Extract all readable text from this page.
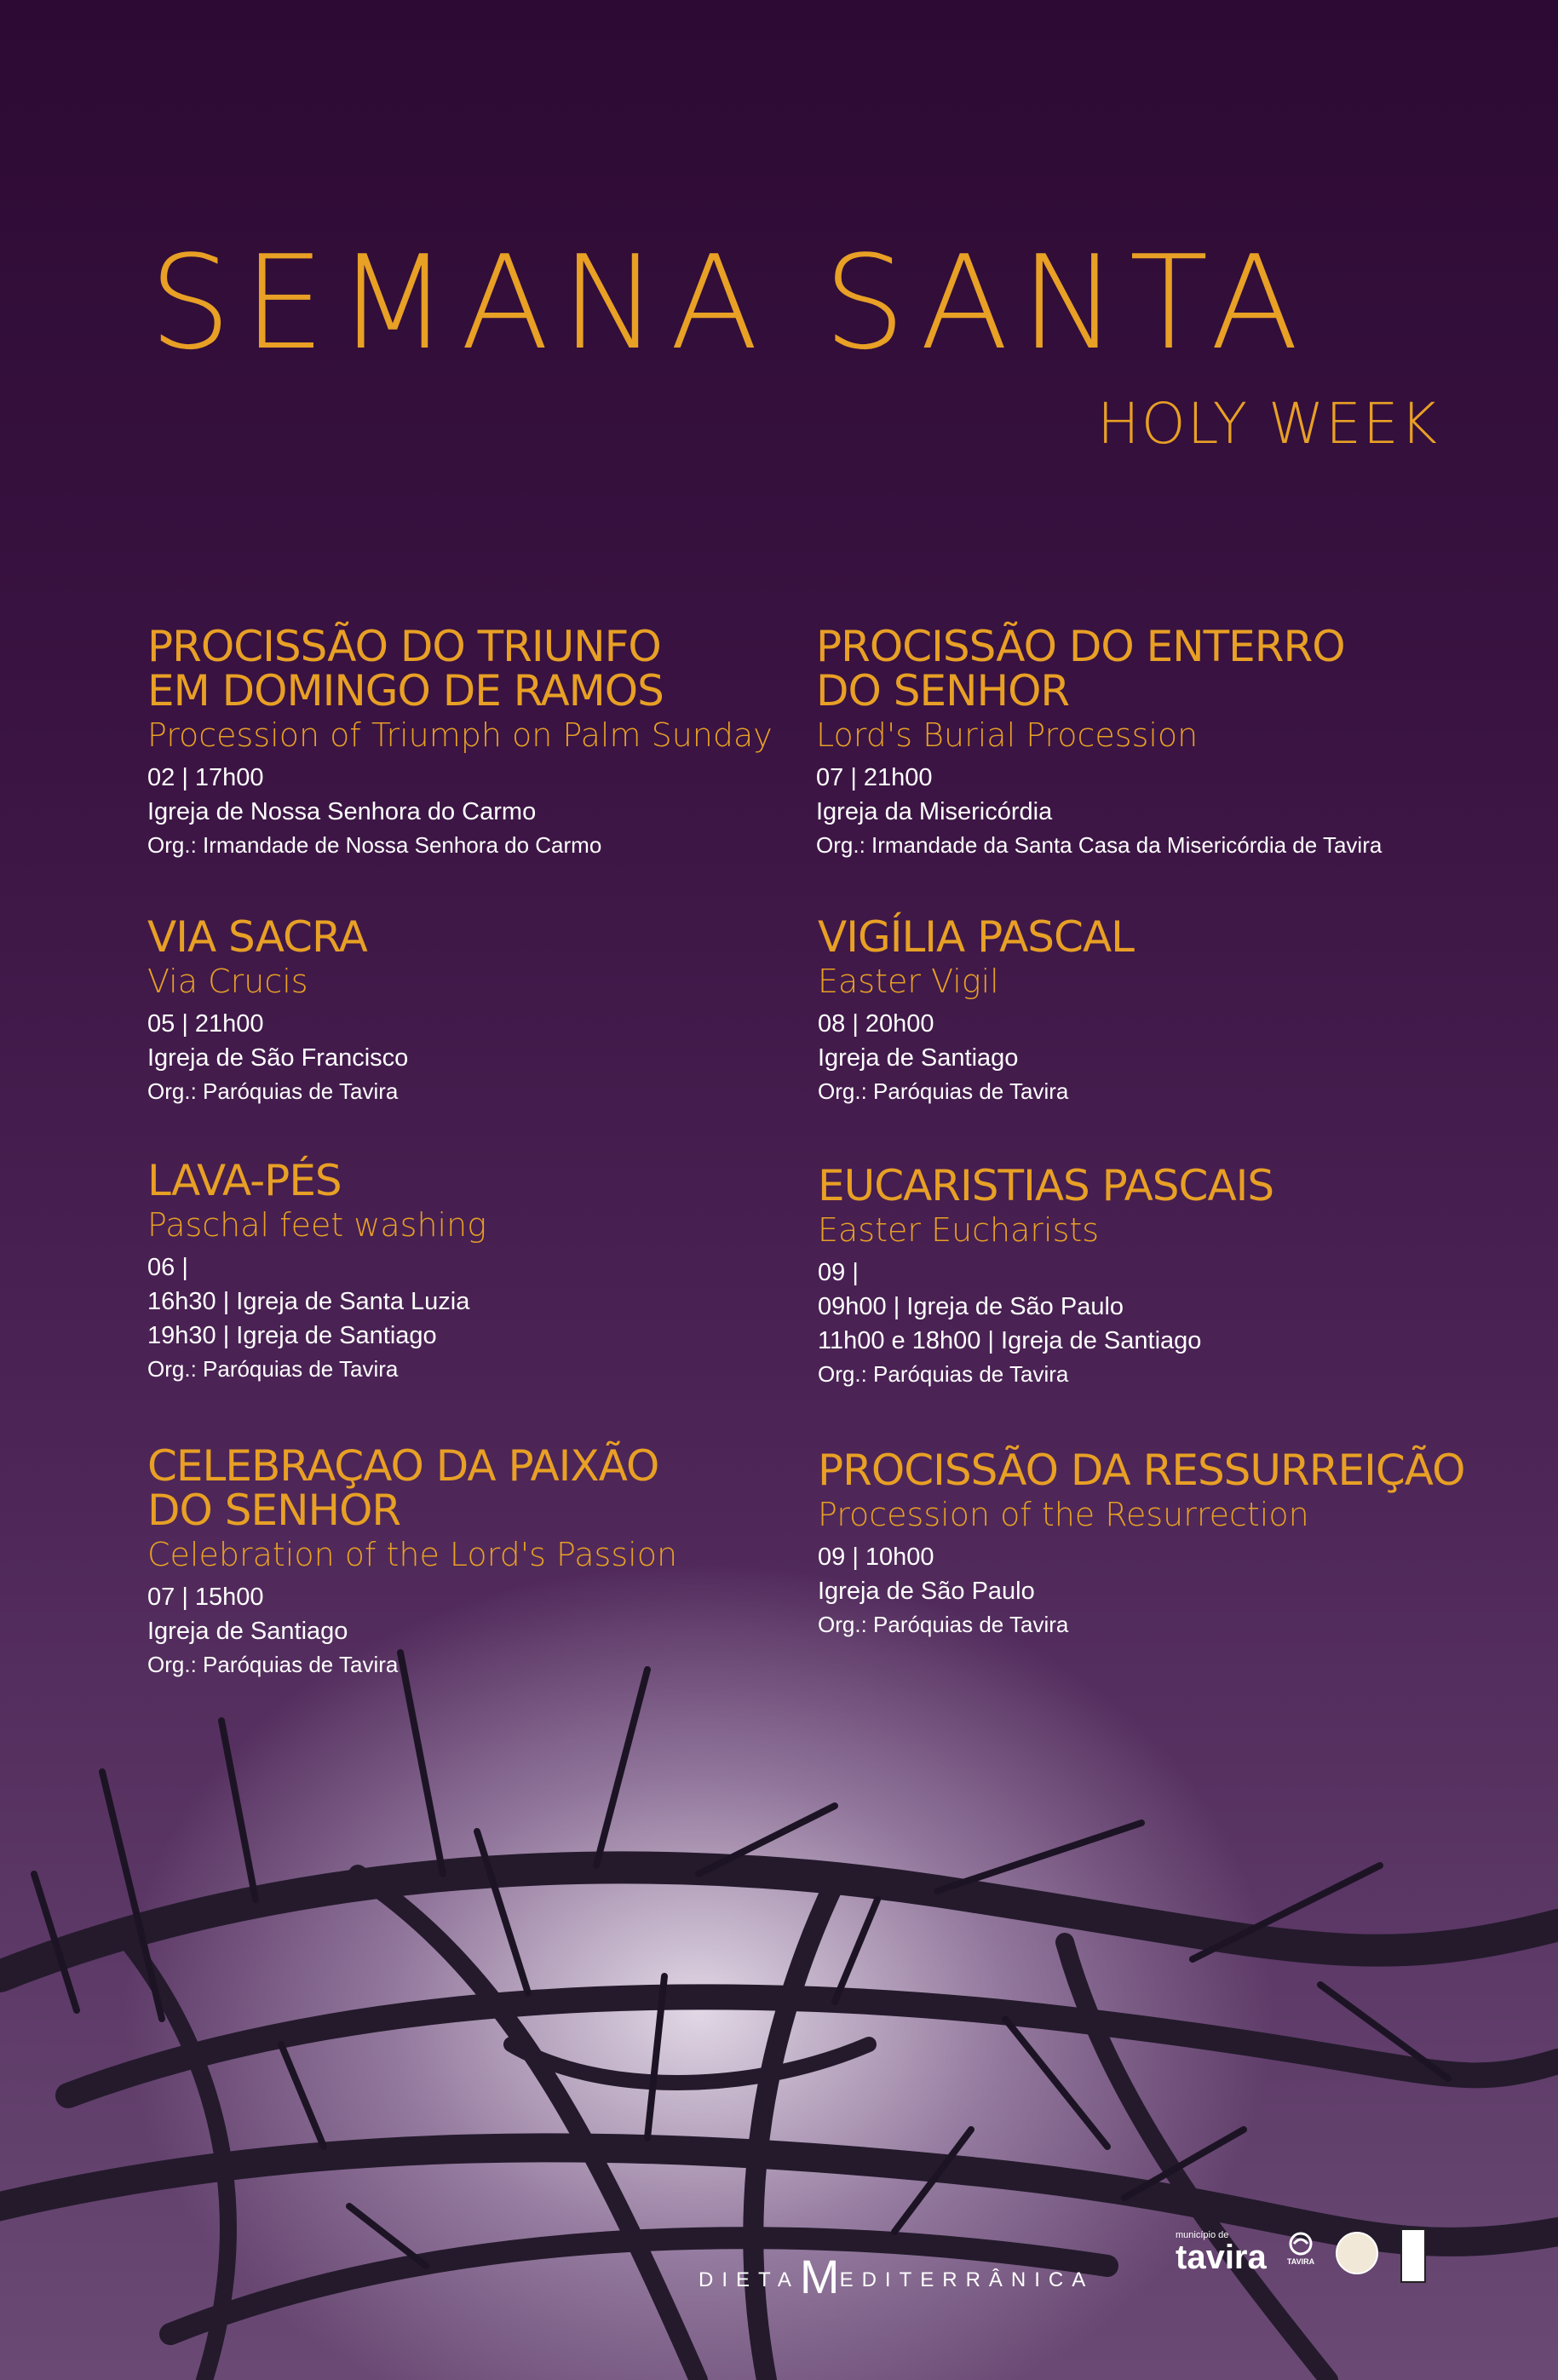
SEMANA SANTA
HOLY WEEK
PROCISSÃO DO TRIUNFO
EM DOMINGO DE RAMOS
Procession of Triumph on Palm Sunday
02 | 17h00
Igreja de Nossa Senhora do Carmo
Org.: Irmandade de Nossa Senhora do Carmo
VIA SACRA
Via Crucis
05 | 21h00
Igreja de São Francisco
Org.: Paróquias de Tavira
LAVA-PÉS
Paschal feet washing
06 |
16h30 | Igreja de Santa Luzia
19h30 | Igreja de Santiago
Org.: Paróquias de Tavira
CELEBRAÇAO DA PAIXÃO
DO SENHOR
Celebration of the Lord's Passion
07 | 15h00
Igreja de Santiago
Org.: Paróquias de Tavira
PROCISSÃO DO ENTERRO
DO SENHOR
Lord's Burial Procession
07 | 21h00
Igreja da Misericórdia
Org.: Irmandade da Santa Casa da Misericórdia de Tavira
VIGÍLIA PASCAL
Easter Vigil
08 | 20h00
Igreja de Santiago
Org.: Paróquias de Tavira
EUCARISTIAS PASCAIS
Easter Eucharists
09 |
09h00 | Igreja de São Paulo
11h00 e 18h00 | Igreja de Santiago
Org.: Paróquias de Tavira
PROCISSÃO DA RESSURREIÇÃO
Procession of the Resurrection
09 | 10h00
Igreja de São Paulo
Org.: Paróquias de Tavira
DIETAMEDITERRÂNICA
município de
tavira	TAVIRA
